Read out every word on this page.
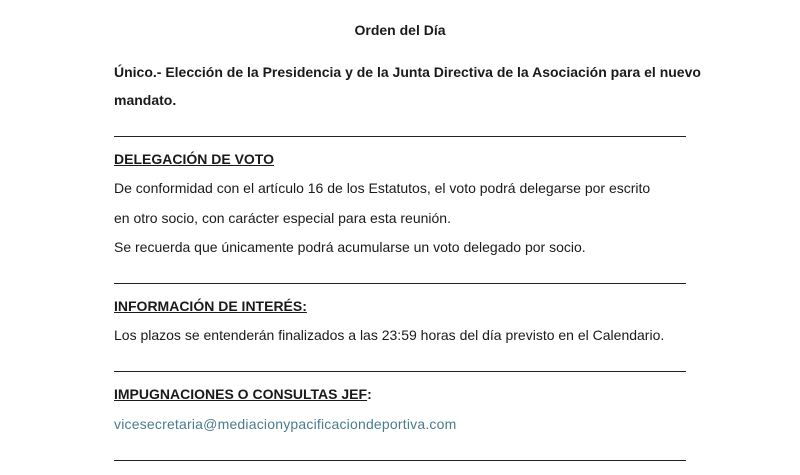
Orden del Día
Único.- Elección de la Presidencia y de la Junta Directiva de la Asociación para el nuevo
mandato.
DELEGACIÓN DE VOTO
De conformidad con el artículo 16 de los Estatutos, el voto podrá delegarse por escrito
en otro socio, con carácter especial para esta reunión.
Se recuerda que únicamente podrá acumularse un voto delegado por socio.
INFORMACIÓN DE INTERÉS:
Los plazos se entenderán finalizados a las 23:59 horas del día previsto en el Calendario.
IMPUGNACIONES O CONSULTAS JEF:
vicesecretaria@mediacionypacificaciondeportiva.com
